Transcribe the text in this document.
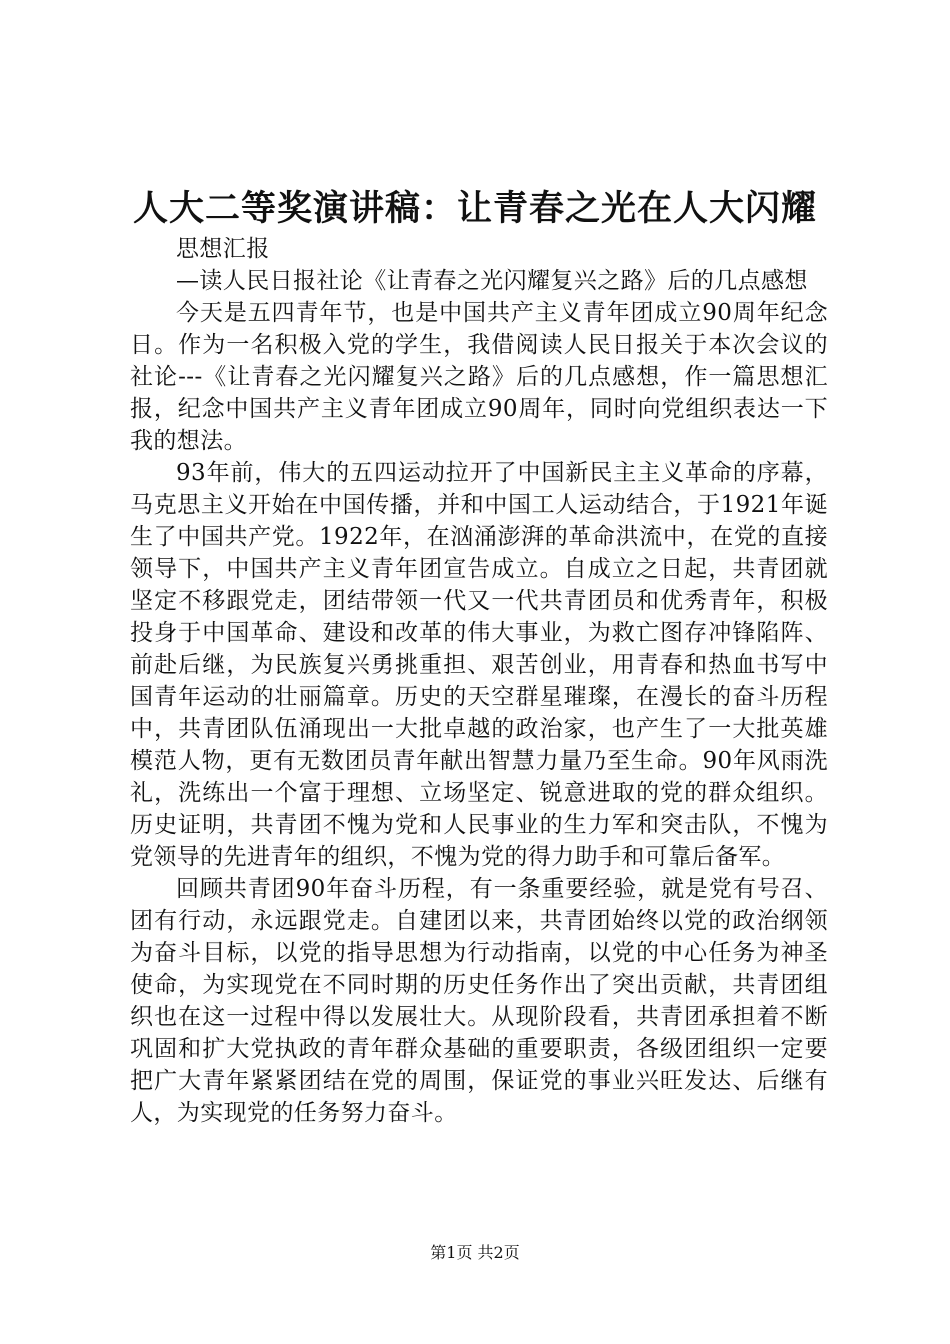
人大二等奖演讲稿：让青春之光在人大闪耀

思想汇报

—读人民日报社论《让青春之光闪耀复兴之路》后的几点感想

今天是五四青年节，也是中国共产主义青年团成立90周年纪念日。作为一名积极入党的学生，我借阅读人民日报关于本次会议的社论---《让青春之光闪耀复兴之路》后的几点感想，作一篇思想汇报，纪念中国共产主义青年团成立90周年，同时向党组织表达一下我的想法。

93年前，伟大的五四运动拉开了中国新民主主义革命的序幕，马克思主义开始在中国传播，并和中国工人运动结合，于1921年诞生了中国共产党。1922年，在汹涌澎湃的革命洪流中，在党的直接领导下，中国共产主义青年团宣告成立。自成立之日起，共青团就坚定不移跟党走，团结带领一代又一代共青团员和优秀青年，积极投身于中国革命、建设和改革的伟大事业，为救亡图存冲锋陷阵、前赴后继，为民族复兴勇挑重担、艰苦创业，用青春和热血书写中国青年运动的壮丽篇章。历史的天空群星璀璨，在漫长的奋斗历程中，共青团队伍涌现出一大批卓越的政治家，也产生了一大批英雄模范人物，更有无数团员青年献出智慧力量乃至生命。90年风雨洗礼，洗练出一个富于理想、立场坚定、锐意进取的党的群众组织。历史证明，共青团不愧为党和人民事业的生力军和突击队，不愧为党领导的先进青年的组织，不愧为党的得力助手和可靠后备军。

回顾共青团90年奋斗历程，有一条重要经验，就是党有号召、团有行动，永远跟党走。自建团以来，共青团始终以党的政治纲领为奋斗目标，以党的指导思想为行动指南，以党的中心任务为神圣使命，为实现党在不同时期的历史任务作出了突出贡献，共青团组织也在这一过程中得以发展壮大。从现阶段看，共青团承担着不断巩固和扩大党执政的青年群众基础的重要职责，各级团组织一定要把广大青年紧紧团结在党的周围，保证党的事业兴旺发达、后继有人，为实现党的任务努力奋斗。

第1页 共2页
